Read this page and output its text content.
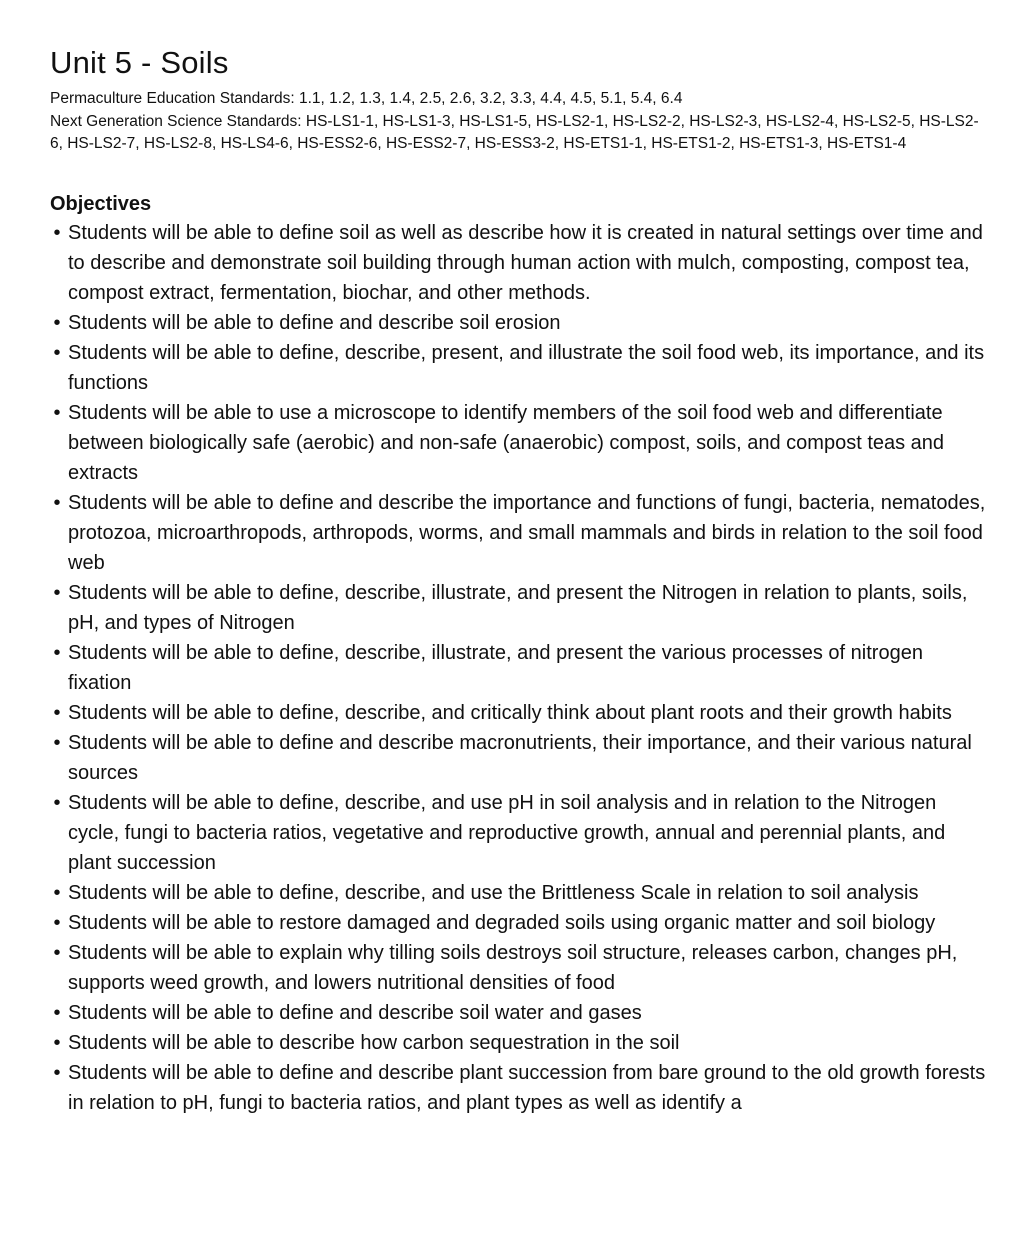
Unit 5 - Soils

Permaculture Education Standards: 1.1, 1.2, 1.3, 1.4, 2.5, 2.6, 3.2, 3.3, 4.4, 4.5, 5.1, 5.4, 6.4

Next Generation Science Standards: HS-LS1-1, HS-LS1-3, HS-LS1-5, HS-LS2-1, HS-LS2-2, HS-LS2-3, HS-LS2-4, HS-LS2-5, HS-LS2-6, HS-LS2-7, HS-LS2-8, HS-LS4-6, HS-ESS2-6, HS-ESS2-7, HS-ESS3-2, HS-ETS1-1, HS-ETS1-2, HS-ETS1-3, HS-ETS1-4

Objectives
• Students will be able to define soil as well as describe how it is created in natural settings over time and to describe and demonstrate soil building through human action with mulch, composting, compost tea, compost extract, fermentation, biochar, and other methods.
• Students will be able to define and describe soil erosion
• Students will be able to define, describe, present, and illustrate the soil food web, its importance, and its functions
• Students will be able to use a microscope to identify members of the soil food web and differentiate between biologically safe (aerobic) and non-safe (anaerobic) compost, soils, and compost teas and extracts
• Students will be able to define and describe the importance and functions of fungi, bacteria, nematodes, protozoa, microarthropods, arthropods, worms, and small mammals and birds in relation to the soil food web
• Students will be able to define, describe, illustrate, and present the Nitrogen in relation to plants, soils, pH, and types of Nitrogen
• Students will be able to define, describe, illustrate, and present the various processes of nitrogen fixation
• Students will be able to define, describe, and critically think about plant roots and their growth habits
• Students will be able to define and describe macronutrients, their importance, and their various natural sources
• Students will be able to define, describe, and use pH in soil analysis and in relation to the Nitrogen cycle, fungi to bacteria ratios, vegetative and reproductive growth, annual and perennial plants, and plant succession
• Students will be able to define, describe, and use the Brittleness Scale in relation to soil analysis
• Students will be able to restore damaged and degraded soils using organic matter and soil biology
• Students will be able to explain why tilling soils destroys soil structure, releases carbon, changes pH, supports weed growth, and lowers nutritional densities of food
• Students will be able to define and describe soil water and gases
• Students will be able to describe how carbon sequestration in the soil
• Students will be able to define and describe plant succession from bare ground to the old growth forests in relation to pH, fungi to bacteria ratios, and plant types as well as identify a
